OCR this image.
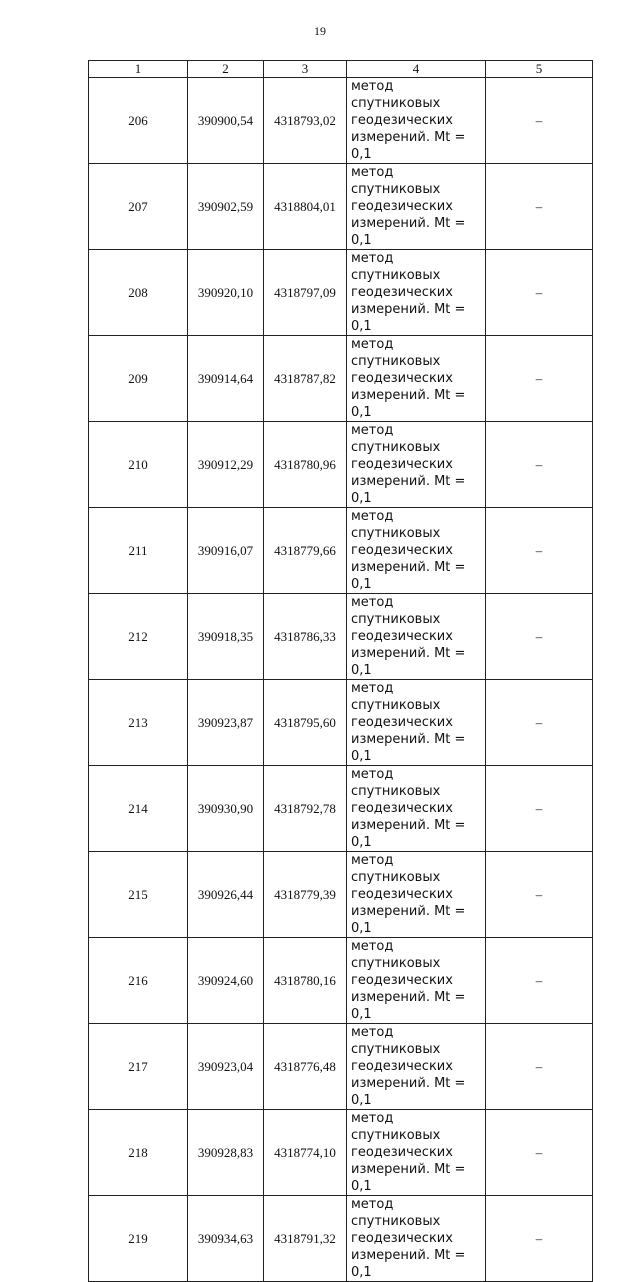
19
1	2	3	4	5
206	390900,54	4318793,02	метод спутниковых
геодезических
измерений. Mt = 0,1	–
207	390902,59	4318804,01	метод спутниковых
геодезических
измерений. Mt = 0,1	–
208	390920,10	4318797,09	метод спутниковых
геодезических
измерений. Mt = 0,1	–
209	390914,64	4318787,82	метод спутниковых
геодезических
измерений. Mt = 0,1	–
210	390912,29	4318780,96	метод спутниковых
геодезических
измерений. Mt = 0,1	–
211	390916,07	4318779,66	метод спутниковых
геодезических
измерений. Mt = 0,1	–
212	390918,35	4318786,33	метод спутниковых
геодезических
измерений. Mt = 0,1	–
213	390923,87	4318795,60	метод спутниковых
геодезических
измерений. Mt = 0,1	–
214	390930,90	4318792,78	метод спутниковых
геодезических
измерений. Mt = 0,1	–
215	390926,44	4318779,39	метод спутниковых
геодезических
измерений. Mt = 0,1	–
216	390924,60	4318780,16	метод спутниковых
геодезических
измерений. Mt = 0,1	–
217	390923,04	4318776,48	метод спутниковых
геодезических
измерений. Mt = 0,1	–
218	390928,83	4318774,10	метод спутниковых
геодезических
измерений. Mt = 0,1	–
219	390934,63	4318791,32	метод спутниковых
геодезических
измерений. Mt = 0,1	–
